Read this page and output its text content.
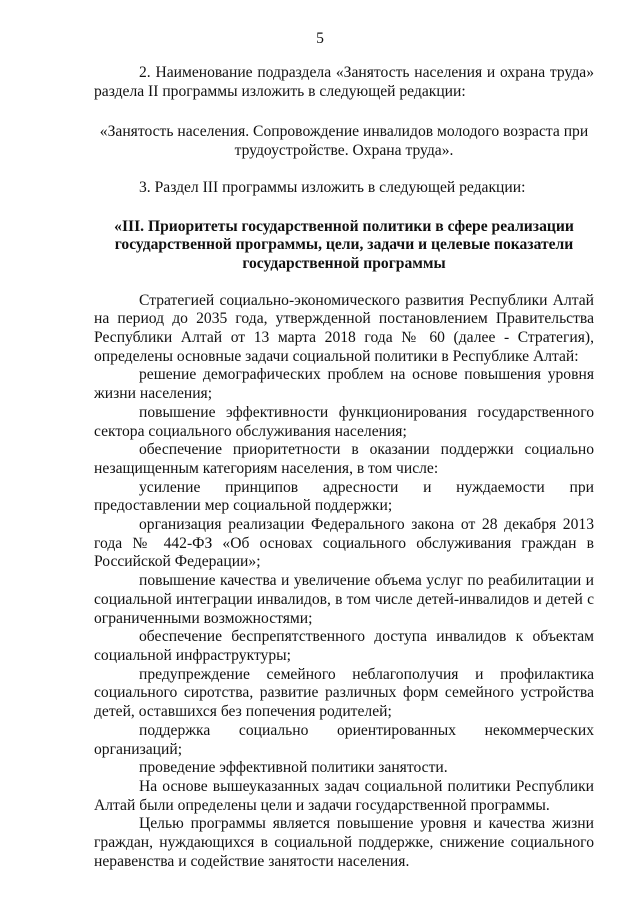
5

2. Наименование подраздела «Занятость населения и охрана труда» раздела II программы изложить в следующей редакции:

«Занятость населения. Сопровождение инвалидов молодого возраста при трудоустройстве. Охрана труда».

3. Раздел III программы изложить в следующей редакции:

«III. Приоритеты государственной политики в сфере реализации государственной программы, цели, задачи и целевые показатели государственной программы

Стратегией социально-экономического развития Республики Алтай на период до 2035 года, утвержденной постановлением Правительства Республики Алтай от 13 марта 2018 года № 60 (далее - Стратегия), определены основные задачи социальной политики в Республике Алтай:

решение демографических проблем на основе повышения уровня жизни населения;

повышение эффективности функционирования государственного сектора социального обслуживания населения;

обеспечение приоритетности в оказании поддержки социально незащищенным категориям населения, в том числе:

усиление принципов адресности и нуждаемости при предоставлении мер социальной поддержки;

организация реализации Федерального закона от 28 декабря 2013 года № 442-ФЗ «Об основах социального обслуживания граждан в Российской Федерации»;

повышение качества и увеличение объема услуг по реабилитации и социальной интеграции инвалидов, в том числе детей-инвалидов и детей с ограниченными возможностями;

обеспечение беспрепятственного доступа инвалидов к объектам социальной инфраструктуры;

предупреждение семейного неблагополучия и профилактика социального сиротства, развитие различных форм семейного устройства детей, оставшихся без попечения родителей;

поддержка социально ориентированных некоммерческих организаций;

проведение эффективной политики занятости.

На основе вышеуказанных задач социальной политики Республики Алтай были определены цели и задачи государственной программы.

Целью программы является повышение уровня и качества жизни граждан, нуждающихся в социальной поддержке, снижение социального неравенства и содействие занятости населения.
